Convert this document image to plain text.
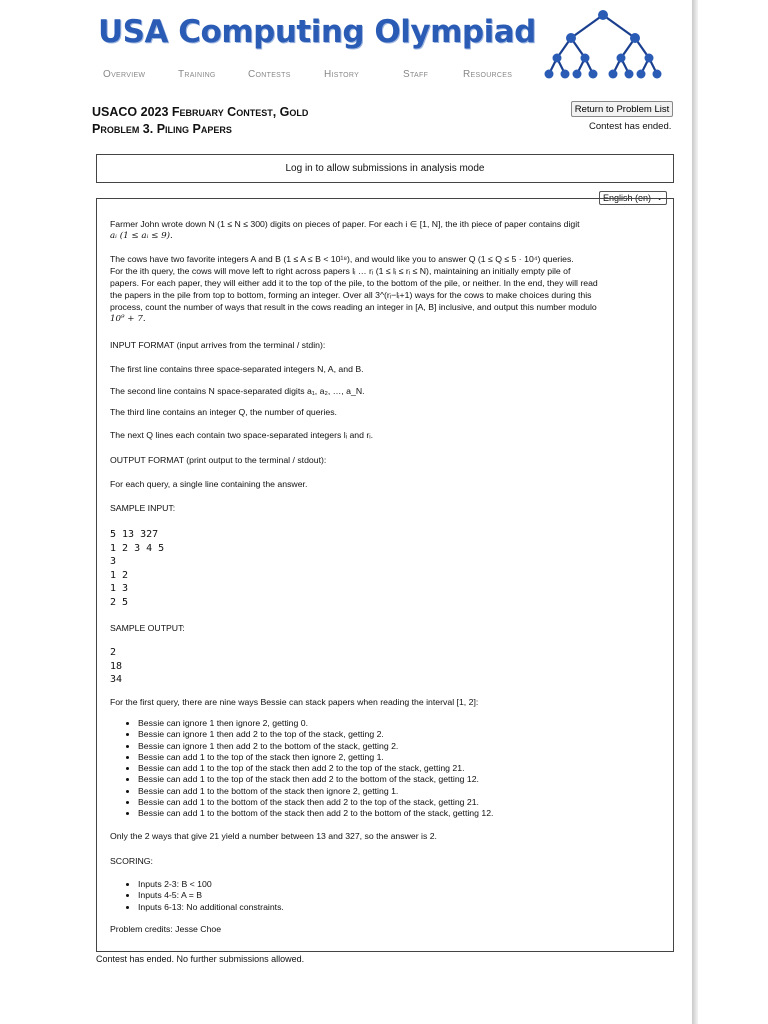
USA Computing Olympiad
Overview	Training	Contests	History	Staff	Resources
USACO 2023 February Contest, Gold
Problem 3. Piling Papers
Return to Problem List
Contest has ended.
Log in to allow submissions in analysis mode
English (en) ⌄
Farmer John wrote down N (1 ≤ N ≤ 300) digits on pieces of paper. For each i ∈ [1, N], the ith piece of paper contains digit
aᵢ (1 ≤ aᵢ ≤ 9).
The cows have two favorite integers A and B (1 ≤ A ≤ B < 10¹⁸), and would like you to answer Q (1 ≤ Q ≤ 5 · 10⁴) queries.
For the ith query, the cows will move left to right across papers lᵢ … rᵢ (1 ≤ lᵢ ≤ rᵢ ≤ N), maintaining an initially empty pile of
papers. For each paper, they will either add it to the top of the pile, to the bottom of the pile, or neither. In the end, they will read
the papers in the pile from top to bottom, forming an integer. Over all 3^(rᵢ−lᵢ+1) ways for the cows to make choices during this
process, count the number of ways that result in the cows reading an integer in [A, B] inclusive, and output this number modulo
10⁹ + 7.
INPUT FORMAT (input arrives from the terminal / stdin):
The first line contains three space-separated integers N, A, and B.
The second line contains N space-separated digits a₁, a₂, …, a_N.
The third line contains an integer Q, the number of queries.
The next Q lines each contain two space-separated integers lᵢ and rᵢ.
OUTPUT FORMAT (print output to the terminal / stdout):
For each query, a single line containing the answer.
SAMPLE INPUT:
5 13 327
1 2 3 4 5
3
1 2
1 3
2 5
SAMPLE OUTPUT:
2
18
34
For the first query, there are nine ways Bessie can stack papers when reading the interval [1, 2]:
• Bessie can ignore 1 then ignore 2, getting 0.
• Bessie can ignore 1 then add 2 to the top of the stack, getting 2.
• Bessie can ignore 1 then add 2 to the bottom of the stack, getting 2.
• Bessie can add 1 to the top of the stack then ignore 2, getting 1.
• Bessie can add 1 to the top of the stack then add 2 to the top of the stack, getting 21.
• Bessie can add 1 to the top of the stack then add 2 to the bottom of the stack, getting 12.
• Bessie can add 1 to the bottom of the stack then ignore 2, getting 1.
• Bessie can add 1 to the bottom of the stack then add 2 to the top of the stack, getting 21.
• Bessie can add 1 to the bottom of the stack then add 2 to the bottom of the stack, getting 12.
Only the 2 ways that give 21 yield a number between 13 and 327, so the answer is 2.
SCORING:
• Inputs 2-3: B < 100
• Inputs 4-5: A = B
• Inputs 6-13: No additional constraints.
Problem credits: Jesse Choe
Contest has ended. No further submissions allowed.
